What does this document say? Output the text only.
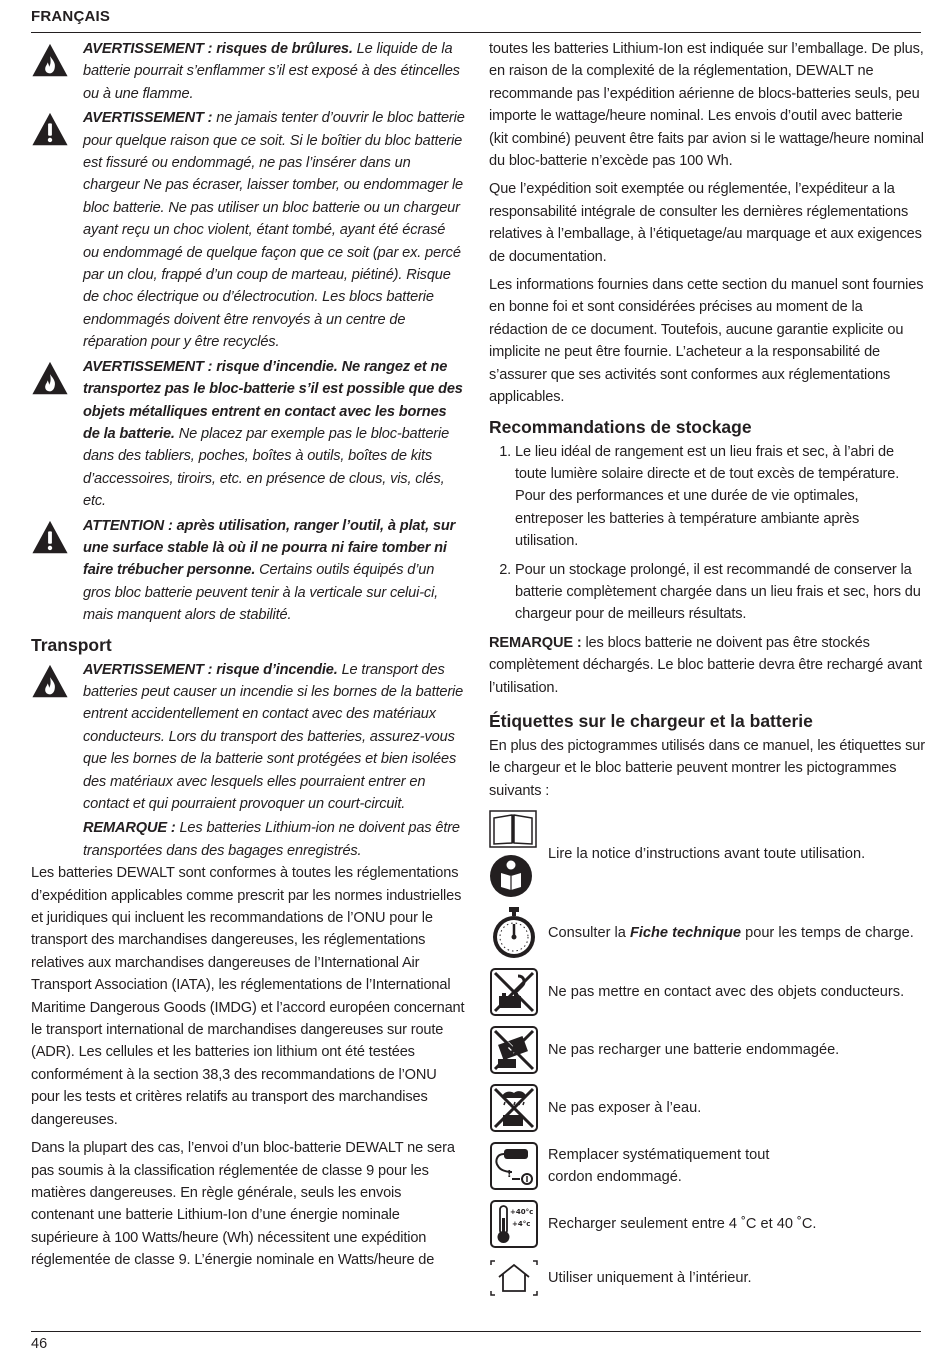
FRANÇAIS

AVERTISSEMENT : risques de brûlures. Le liquide de la batterie pourrait s’enflammer s’il est exposé à des étincelles ou à une flamme.

AVERTISSEMENT : ne jamais tenter d’ouvrir le bloc batterie pour quelque raison que ce soit. Si le boîtier du bloc batterie est fissuré ou endommagé, ne pas l’insérer dans un chargeur Ne pas écraser, laisser tomber, ou endommager le bloc batterie. Ne pas utiliser un bloc batterie ou un chargeur ayant reçu un choc violent, étant tombé, ayant été écrasé ou endommagé de quelque façon que ce soit (par ex. percé par un clou, frappé d’un coup de marteau, piétiné). Risque de choc électrique ou d’électrocution. Les blocs batterie endommagés doivent être renvoyés à un centre de réparation pour y être recyclés.

AVERTISSEMENT : risque d’incendie. Ne rangez et ne transportez pas le bloc-batterie s’il est possible que des objets métalliques entrent en contact avec les bornes de la batterie. Ne placez par exemple pas le bloc-batterie dans des tabliers, poches, boîtes à outils, boîtes de kits d’accessoires, tiroirs, etc. en présence de clous, vis, clés, etc.

ATTENTION : après utilisation, ranger l’outil, à plat, sur une surface stable là où il ne pourra ni faire tomber ni faire trébucher personne. Certains outils équipés d’un gros bloc batterie peuvent tenir à la verticale sur celui-ci, mais manquent alors de stabilité.

Transport

AVERTISSEMENT : risque d’incendie. Le transport des batteries peut causer un incendie si les bornes de la batterie entrent accidentellement en contact avec des matériaux conducteurs. Lors du transport des batteries, assurez-vous que les bornes de la batterie sont protégées et bien isolées des matériaux avec lesquels elles pourraient entrer en contact et qui pourraient provoquer un court-circuit.

REMARQUE : Les batteries Lithium-ion ne doivent pas être transportées dans des bagages enregistrés.

Les batteries DEWALT sont conformes à toutes les réglementations d’expédition applicables comme prescrit par les normes industrielles et juridiques qui incluent les recommandations de l’ONU pour le transport des marchandises dangereuses, les réglementations relatives aux marchandises dangereuses de l’International Air Transport Association (IATA), les réglementations de l’International Maritime Dangerous Goods (IMDG) et l’accord européen concernant le transport international de marchandises dangereuses sur route (ADR). Les cellules et les batteries ion lithium ont été testées conformément à la section 38,3 des recommandations de l’ONU pour les tests et critères relatifs au transport des marchandises dangereuses.

Dans la plupart des cas, l’envoi d’un bloc-batterie DEWALT ne sera pas soumis à la classification réglementée de classe 9 pour les matières dangereuses. En règle générale, seuls les envois contenant une batterie Lithium-Ion d’une énergie nominale supérieure à 100 Watts/heure (Wh) nécessitent une expédition réglementée de classe 9. L’énergie nominale en Watts/heure de

toutes les batteries Lithium-Ion est indiquée sur l’emballage. De plus, en raison de la complexité de la réglementation, DEWALT ne recommande pas l’expédition aérienne de blocs-batteries seuls, peu importe le wattage/heure nominal. Les envois d’outil avec batterie (kit combiné) peuvent être faits par avion si le wattage/heure nominal du bloc-batterie n’excède pas 100 Wh.

Que l’expédition soit exemptée ou réglementée, l’expéditeur a la responsabilité intégrale de consulter les dernières réglementations relatives à l’emballage, à l’étiquetage/au marquage et aux exigences de documentation.

Les informations fournies dans cette section du manuel sont fournies en bonne foi et sont considérées précises au moment de la rédaction de ce document. Toutefois, aucune garantie explicite ou implicite ne peut être fournie. L’acheteur a la responsabilité de s’assurer que ses activités sont conformes aux réglementations applicables.

Recommandations de stockage
1. Le lieu idéal de rangement est un lieu frais et sec, à l’abri de toute lumière solaire directe et de tout excès de température. Pour des performances et une durée de vie optimales, entreposer les batteries à température ambiante après utilisation.
2. Pour un stockage prolongé, il est recommandé de conserver la batterie complètement chargée dans un lieu frais et sec, hors du chargeur pour de meilleurs résultats.

REMARQUE : les blocs batterie ne doivent pas être stockés complètement déchargés. Le bloc batterie devra être rechargé avant l’utilisation.

Étiquettes sur le chargeur et la batterie

En plus des pictogrammes utilisés dans ce manuel, les étiquettes sur le chargeur et le bloc batterie peuvent montrer les pictogrammes suivants :

Lire la notice d’instructions avant toute utilisation.
Consulter la Fiche technique pour les temps de charge.
Ne pas mettre en contact avec des objets conducteurs.
Ne pas recharger une batterie endommagée.
Ne pas exposer à l’eau.
!
Remplacer systématiquement tout cordon endommagé.
+40°c
+4°c Recharger seulement entre 4 ˚C et 40 ˚C.
Utiliser uniquement à l’intérieur.
46
